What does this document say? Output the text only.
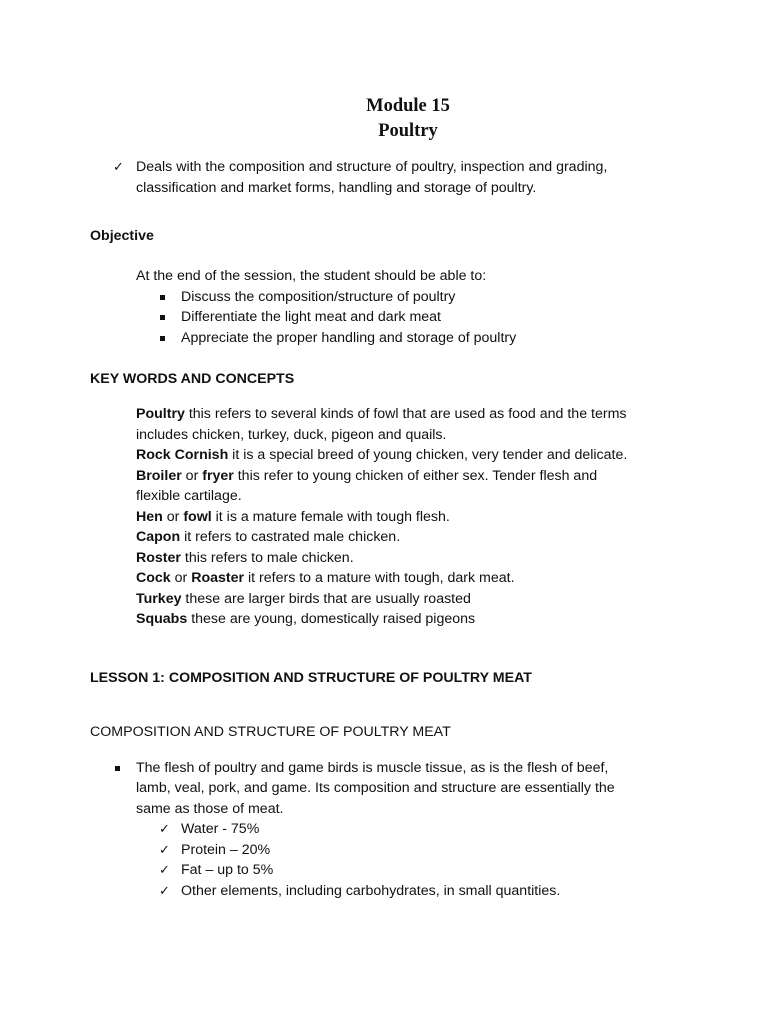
Module 15
Poultry
✓ Deals with the composition and structure of poultry, inspection and grading,
classification and market forms, handling and storage of poultry.
Objective
At the end of the session, the student should be able to:
Discuss the composition/structure of poultry
Differentiate the light meat and dark meat
Appreciate the proper handling and storage of poultry
KEY WORDS AND CONCEPTS
Poultry this refers to several kinds of fowl that are used as food and the terms
includes chicken, turkey, duck, pigeon and quails.
Rock Cornish it is a special breed of young chicken, very tender and delicate.
Broiler or fryer this refer to young chicken of either sex. Tender flesh and
flexible cartilage.
Hen or fowl it is a mature female with tough flesh.
Capon it refers to castrated male chicken.
Roster this refers to male chicken.
Cock or Roaster it refers to a mature with tough, dark meat.
Turkey these are larger birds that are usually roasted
Squabs these are young, domestically raised pigeons
LESSON 1: COMPOSITION AND STRUCTURE OF POULTRY MEAT
COMPOSITION AND STRUCTURE OF POULTRY MEAT
The flesh of poultry and game birds is muscle tissue, as is the flesh of beef,
lamb, veal, pork, and game. Its composition and structure are essentially the
same as those of meat.
✓ Water - 75%
✓ Protein – 20%
✓ Fat – up to 5%
✓ Other elements, including carbohydrates, in small quantities.
